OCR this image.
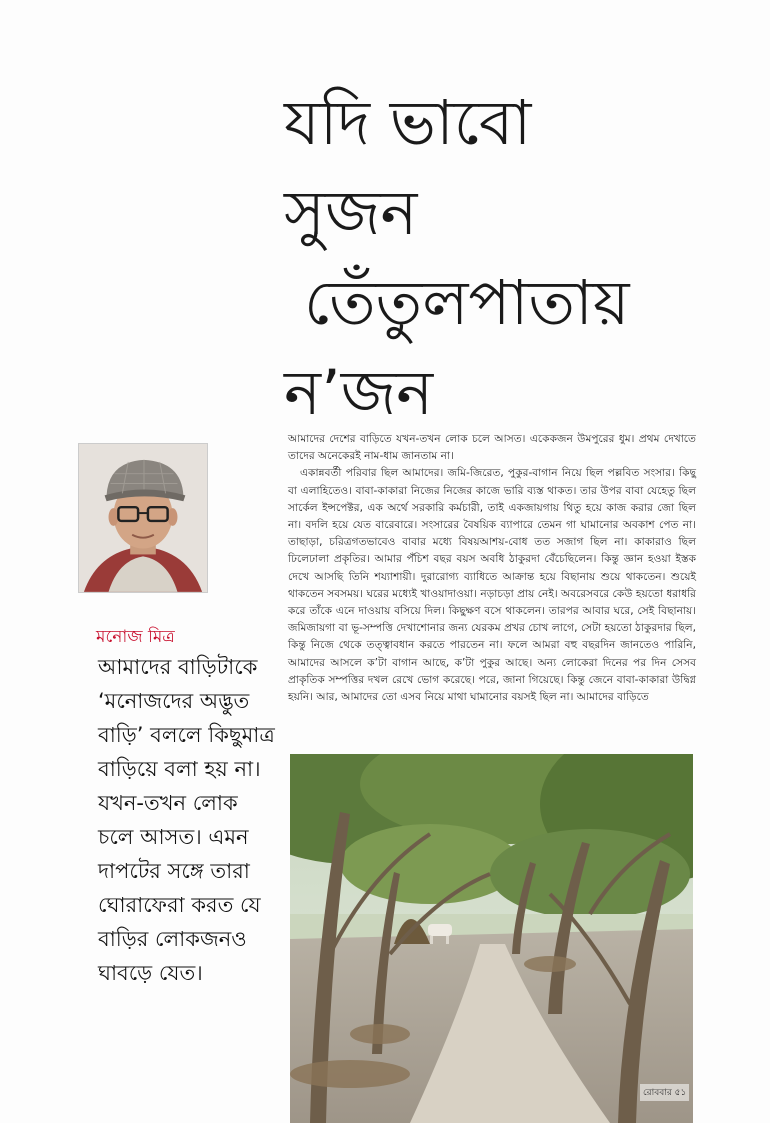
যদি ভাবো
সুজন
তেঁতুলপাতায়
ন’জন
মনোজ মিত্র
আমাদের বাড়িটাকে ‘মনোজদের অদ্ভুত বাড়ি’ বললে কিছুমাত্র বাড়িয়ে বলা হয় না। যখন-তখন লোক চলে আসত। এমন দাপটের সঙ্গে তারা ঘোরাফেরা করত যে বাড়ির লোকজনও ঘাবড়ে যেত।

আমাদের দেশের বাড়িতে যখন-তখন লোক চলে আসত। একেকজন উমপুরের ধুম। প্রথম দেখাতে তাদের অনেকেরই নাম-ধাম জানতাম না।

একান্নবর্তী পরিবার ছিল আমাদের। জমি-জিরেত, পুকুর-বাগান নিয়ে ছিল পল্লবিত সংসার। কিছু বা এলাহিতেও। বাবা-কাকারা নিজের নিজের কাজে ভারি ব্যস্ত থাকত। তার উপর বাবা যেহেতু ছিল সার্কেল ইন্সপেক্টর, এক অর্থে সরকারি কর্মচারী, তাই একজায়গায় থিতু হয়ে কাজ করার জো ছিল না। বদলি হয়ে যেত বারেবারে। সংসারের বৈষয়িক ব্যাপারে তেমন গা ঘামানোর অবকাশ পেত না। তাছাড়া, চরিত্রগতভাবেও বাবার মধ্যে বিষয়আশয়-বোধ তত সজাগ ছিল না। কাকারাও ছিল ঢিলেঢালা প্রকৃতির। আমার পঁচিশ বছর বয়স অবধি ঠাকুরদা বেঁচেছিলেন। কিন্তু জ্ঞান হওয়া ইস্তক দেখে আসছি তিনি শয্যাশায়ী। দুরারোগ্য ব্যাধিতে আক্রান্ত হয়ে বিছানায় শুয়ে থাকতেন। শুয়েই থাকতেন সবসময়। ঘরের মধ্যেই খাওয়াদাওয়া। নড়াচড়া প্রায় নেই। অবরেসবরে কেউ হয়তো ধরাধরি করে তাঁকে এনে দাওয়ায় বসিয়ে দিল। কিছুক্ষণ বসে থাকলেন। তারপর আবার ঘরে, সেই বিছানায়। জমিজায়গা বা ভূ-সম্পত্তি দেখাশোনার জন্য যেরকম প্রখর চোখ লাগে, সেটা হয়তো ঠাকুরদার ছিল, কিন্তু নিজে থেকে তত্ত্বাবধান করতে পারতেন না। ফলে আমরা বহু বছরদিন জানতেও পারিনি, আমাদের আসলে ক’টা বাগান আছে, ক’টা পুকুর আছে। অন্য লোকেরা দিনের পর দিন সেসব প্রাকৃতিক সম্পত্তির দখল রেখে ভোগ করেছে। পরে, জানা গিয়েছে। কিন্তু জেনে বাবা-কাকারা উদ্বিগ্ন হয়নি। আর, আমাদের তো এসব নিয়ে মাথা ঘামানোর বয়সই ছিল না। আমাদের বাড়িতে

রোববার ৫১
